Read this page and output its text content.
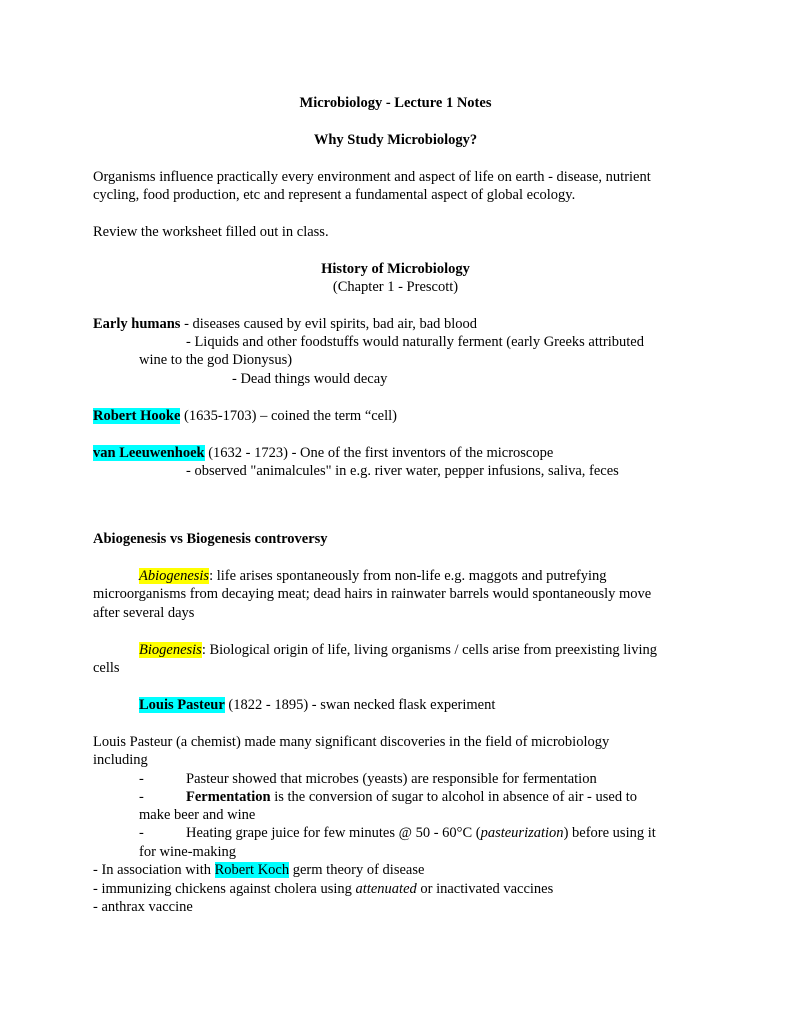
Microbiology - Lecture 1 Notes
Why Study Microbiology?
Organisms influence practically every environment and aspect of life on earth - disease, nutrient
cycling, food production, etc and represent a fundamental aspect of global ecology.
Review the worksheet filled out in class.
History of Microbiology
(Chapter 1 - Prescott)
Early humans - diseases caused by evil spirits, bad air, bad blood
- Liquids and other foodstuffs would naturally ferment (early Greeks attributed
wine to the god Dionysus)
- Dead things would decay
Robert Hooke (1635-1703) – coined the term “cell)
van Leeuwenhoek (1632 - 1723) - One of the first inventors of the microscope
- observed "animalcules" in e.g. river water, pepper infusions, saliva, feces
Abiogenesis vs Biogenesis controversy
Abiogenesis: life arises spontaneously from non-life e.g. maggots and putrefying
microorganisms from decaying meat; dead hairs in rainwater barrels would spontaneously move
after several days
Biogenesis: Biological origin of life, living organisms / cells arise from preexisting living
cells
Louis Pasteur (1822 - 1895) - swan necked flask experiment
Louis Pasteur (a chemist) made many significant discoveries in the field of microbiology
including
-	Pasteur showed that microbes (yeasts) are responsible for fermentation
-	Fermentation is the conversion of sugar to alcohol in absence of air - used to
make beer and wine
-	Heating grape juice for few minutes @ 50 - 60°C (pasteurization) before using it
for wine-making
- In association with Robert Koch germ theory of disease
- immunizing chickens against cholera using attenuated or inactivated vaccines
- anthrax vaccine
